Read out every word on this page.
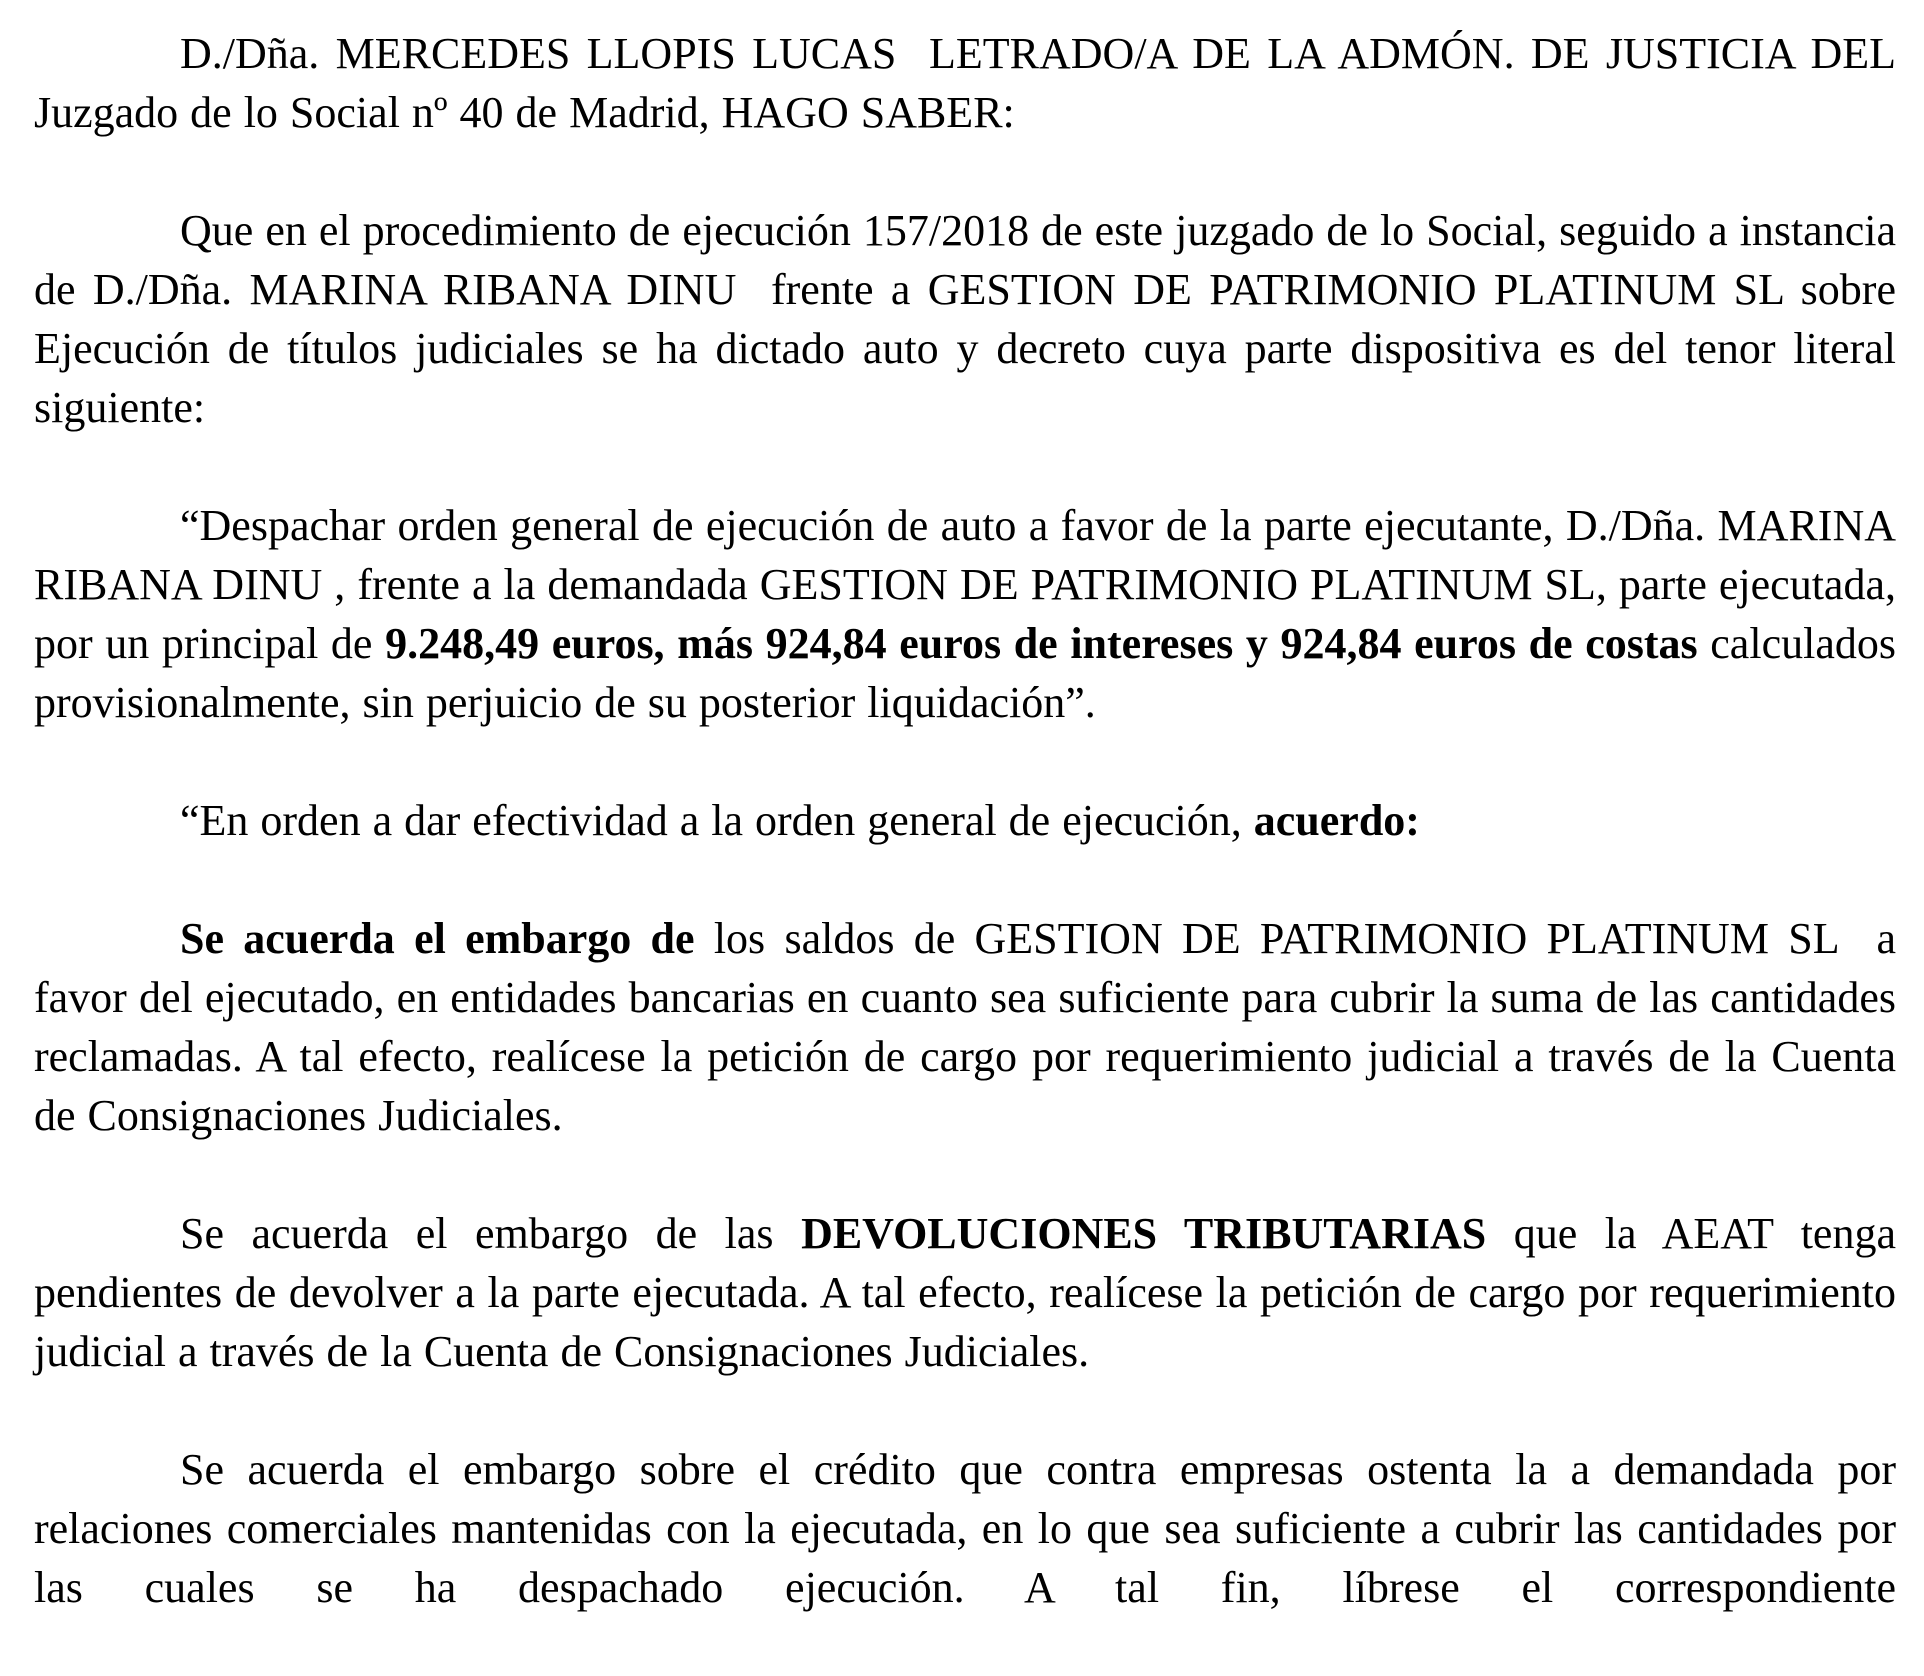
D./Dña. MERCEDES LLOPIS LUCAS  LETRADO/A DE LA ADMÓN. DE JUSTICIA DEL Juzgado de lo Social nº 40 de Madrid, HAGO SABER:

Que en el procedimiento de ejecución 157/2018 de este juzgado de lo Social, seguido a instancia de D./Dña. MARINA RIBANA DINU  frente a GESTION DE PATRIMONIO PLATINUM SL sobre Ejecución de títulos judiciales se ha dictado auto y decreto cuya parte dispositiva es del tenor literal siguiente:

“Despachar orden general de ejecución de auto a favor de la parte ejecutante, D./Dña. MARINA RIBANA DINU , frente a la demandada GESTION DE PATRIMONIO PLATINUM SL, parte ejecutada, por un principal de 9.248,49 euros, más 924,84 euros de intereses y 924,84 euros de costas calculados provisionalmente, sin perjuicio de su posterior liquidación”.

“En orden a dar efectividad a la orden general de ejecución, acuerdo:

Se acuerda el embargo de los saldos de GESTION DE PATRIMONIO PLATINUM SL  a favor del ejecutado, en entidades bancarias en cuanto sea suficiente para cubrir la suma de las cantidades reclamadas. A tal efecto, realícese la petición de cargo por requerimiento judicial a través de la Cuenta de Consignaciones Judiciales.

Se acuerda el embargo de las DEVOLUCIONES TRIBUTARIAS que la AEAT tenga pendientes de devolver a la parte ejecutada. A tal efecto, realícese la petición de cargo por requerimiento judicial a través de la Cuenta de Consignaciones Judiciales.

Se acuerda el embargo sobre el crédito que contra empresas ostenta la a demandada por relaciones comerciales mantenidas con la ejecutada, en lo que sea suficiente a cubrir las cantidades por las cuales se ha despachado ejecución. A tal fin, líbrese el correspondiente
